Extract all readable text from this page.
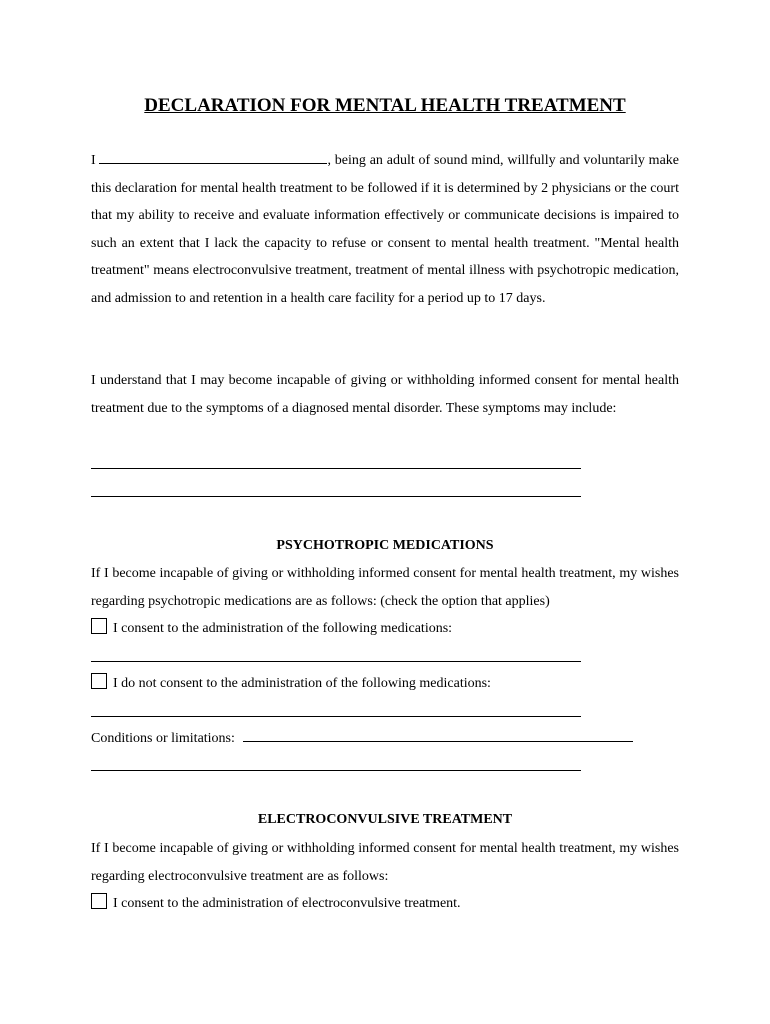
DECLARATION FOR MENTAL HEALTH TREATMENT
I	, being an adult of sound mind, willfully and voluntarily make this declaration for mental health treatment to be followed if it is determined by 2 physicians or the court that my ability to receive and evaluate information effectively or communicate decisions is impaired to such an extent that I lack the capacity to refuse or consent to mental health treatment. "Mental health treatment" means electroconvulsive treatment, treatment of mental illness with psychotropic medication, and admission to and retention in a health care facility for a period up to 17 days.
I understand that I may become incapable of giving or withholding informed consent for mental health treatment due to the symptoms of a diagnosed mental disorder. These symptoms may include:
PSYCHOTROPIC MEDICATIONS
If I become incapable of giving or withholding informed consent for mental health treatment, my wishes regarding psychotropic medications are as follows: (check the option that applies)
I consent to the administration of the following medications:
I do not consent to the administration of the following medications:
Conditions or limitations:
ELECTROCONVULSIVE TREATMENT
If I become incapable of giving or withholding informed consent for mental health treatment, my wishes regarding electroconvulsive treatment are as follows:
I consent to the administration of electroconvulsive treatment.
